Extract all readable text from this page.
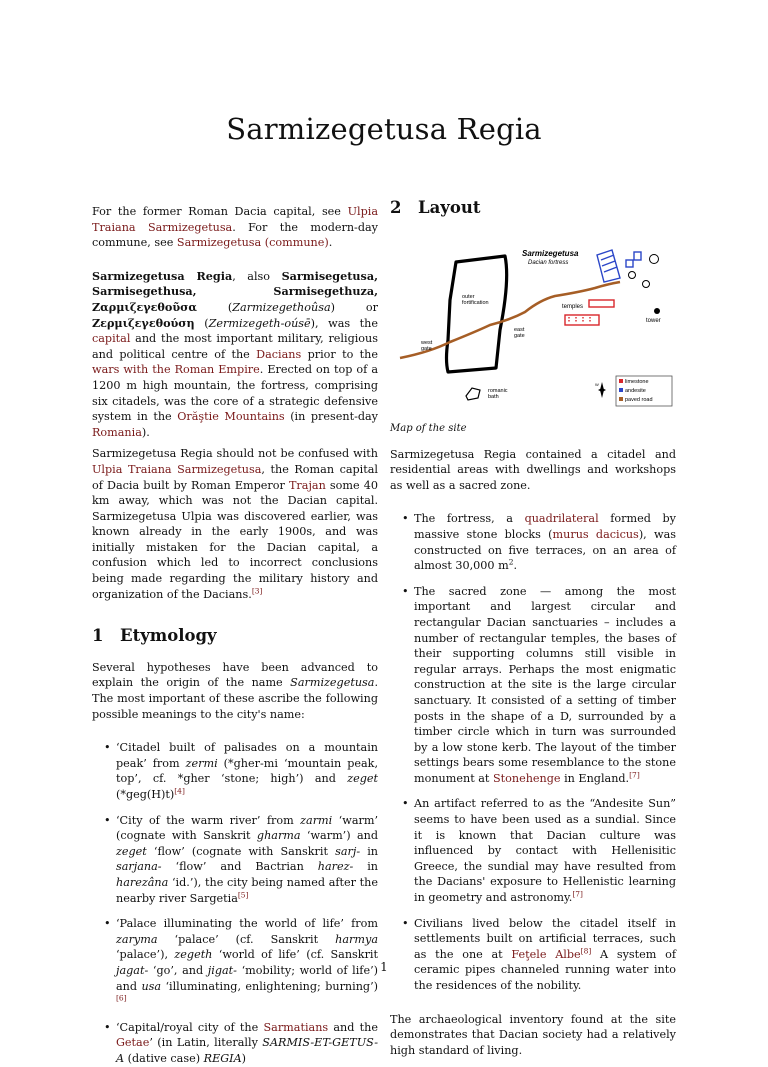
Sarmizegetusa Regia

For the former Roman Dacia capital, see Ulpia Traiana Sarmizegetusa. For the modern-day commune, see Sarmizegetusa (commune).

Sarmizegetusa Regia, also Sarmisegetusa, Sarmisegethusa, Sarmisegethuza, Ζαρμιζεγεθοῦσα (Zarmizegethoûsa) or Ζερμιζεγεθούση (Zermizegeth-oúsē), was the capital and the most important military, religious and political centre of the Dacians prior to the wars with the Roman Empire. Erected on top of a 1200 m high mountain, the fortress, comprising six citadels, was the core of a strategic defensive system in the Orăştie Mountains (in present-day Romania).

Sarmizegetusa Regia should not be confused with Ulpia Traiana Sarmizegetusa, the Roman capital of Dacia built by Roman Emperor Trajan some 40 km away, which was not the Dacian capital. Sarmizegetusa Ulpia was discovered earlier, was known already in the early 1900s, and was initially mistaken for the Dacian capital, a confusion which led to incorrect conclusions being made regarding the military history and organization of the Dacians.[3]

1 Etymology

Several hypotheses have been advanced to explain the origin of the name Sarmizegetusa. The most important of these ascribe the following possible meanings to the city's name:

• ‘Citadel built of palisades on a mountain peak’ from zermi (*gher-mi ‘mountain peak, top’, cf. *gher ‘stone; high’) and zeget (*geg(H)t)[4]
• ‘City of the warm river’ from zarmi ‘warm’ (cognate with Sanskrit gharma ‘warm’) and zeget ‘flow’ (cognate with Sanskrit sarj- in sarjana- ‘flow’ and Bactrian harez- in harezâna ‘id.’), the city being named after the nearby river Sargetia[5]
• ‘Palace illuminating the world of life’ from zaryma ‘palace’ (cf. Sanskrit harmya ‘palace’), zegeth ‘world of life’ (cf. Sanskrit jagat- ‘go’, and jigat- ‘mobility; world of life’) and usa ‘illuminating, enlightening; burning’)[6]
• ‘Capital/royal city of the Sarmatians and the Getae’ (in Latin, literally SARMIS-ET-GETUS-A (dative case) REGIA)
2 Layout
Sarmizegetusa
Dacian fortress
outer
fortification
temples
tower
east
gate
west
gate
romanic
bath
W	limestone
andesite
paved road

Map of the site

Sarmizegetusa Regia contained a citadel and residential areas with dwellings and workshops as well as a sacred zone.

• The fortress, a quadrilateral formed by massive stone blocks (murus dacicus), was constructed on five terraces, on an area of almost 30,000 $m^2$.
• The sacred zone — among the most important and largest circular and rectangular Dacian sanctuaries – includes a number of rectangular temples, the bases of their supporting columns still visible in regular arrays. Perhaps the most enigmatic construction at the site is the large circular sanctuary. It consisted of a setting of timber posts in the shape of a D, surrounded by a timber circle which in turn was surrounded by a low stone kerb. The layout of the timber settings bears some resemblance to the stone monument at Stonehenge in England.[7]
• An artifact referred to as the “Andesite Sun” seems to have been used as a sundial. Since it is known that Dacian culture was influenced by contact with Hellenisitic Greece, the sundial may have resulted from the Dacians' exposure to Hellenistic learning in geometry and astronomy.[7]
• Civilians lived below the citadel itself in settlements built on artificial terraces, such as the one at Feţele Albe[8] A system of ceramic pipes channeled running water into the residences of the nobility.

The archaeological inventory found at the site demonstrates that Dacian society had a relatively high standard of living.

1
